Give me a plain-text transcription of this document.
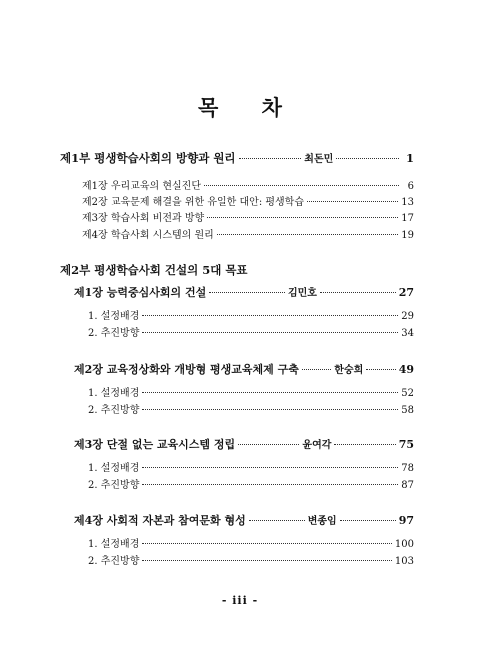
목 차
제1부 평생학습사회의 방향과 원리	최돈민	1
제1장 우리교육의 현실진단	6
제2장 교육문제 해결을 위한 유일한 대안: 평생학습	13
제3장 학습사회 비전과 방향	17
제4장 학습사회 시스템의 원리	19
제2부 평생학습사회 건설의 5대 목표
제1장 능력중심사회의 건설	김민호	27
1. 설정배경	29
2. 추진방향	34
제2장 교육정상화와 개방형 평생교육체제 구축	한숭희	49
1. 설정배경	52
2. 추진방향	58
제3장 단절 없는 교육시스템 정립	윤여각	75
1. 설정배경	78
2. 추진방향	87
제4장 사회적 자본과 참여문화 형성	변종임	97
1. 설정배경	100
2. 추진방향	103
- iii -
